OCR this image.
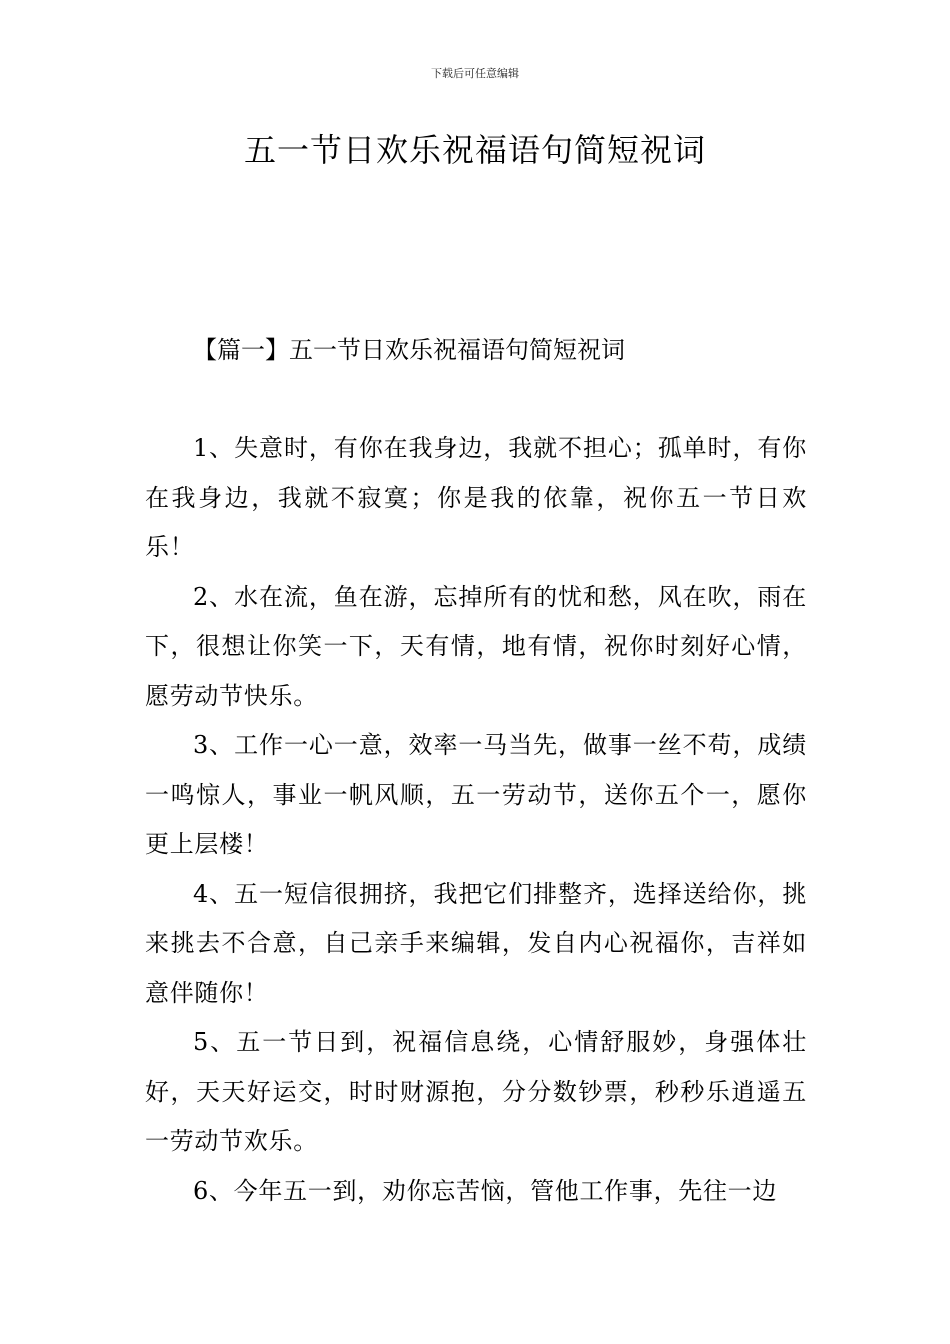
下载后可任意编辑
五一节日欢乐祝福语句简短祝词
【篇一】五一节日欢乐祝福语句简短祝词

1、失意时，有你在我身边，我就不担心；孤单时，有你在我身边，我就不寂寞；你是我的依靠，祝你五一节日欢乐！

2、水在流，鱼在游，忘掉所有的忧和愁，风在吹，雨在下，很想让你笑一下，天有情，地有情，祝你时刻好心情，愿劳动节快乐。

3、工作一心一意，效率一马当先，做事一丝不苟，成绩一鸣惊人，事业一帆风顺，五一劳动节，送你五个一，愿你更上层楼！

4、五一短信很拥挤，我把它们排整齐，选择送给你，挑来挑去不合意，自己亲手来编辑，发自内心祝福你，吉祥如意伴随你！

5、五一节日到，祝福信息绕，心情舒服妙，身强体壮好，天天好运交，时时财源抱，分分数钞票，秒秒乐逍遥五一劳动节欢乐。

6、今年五一到，劝你忘苦恼，管他工作事，先往一边
